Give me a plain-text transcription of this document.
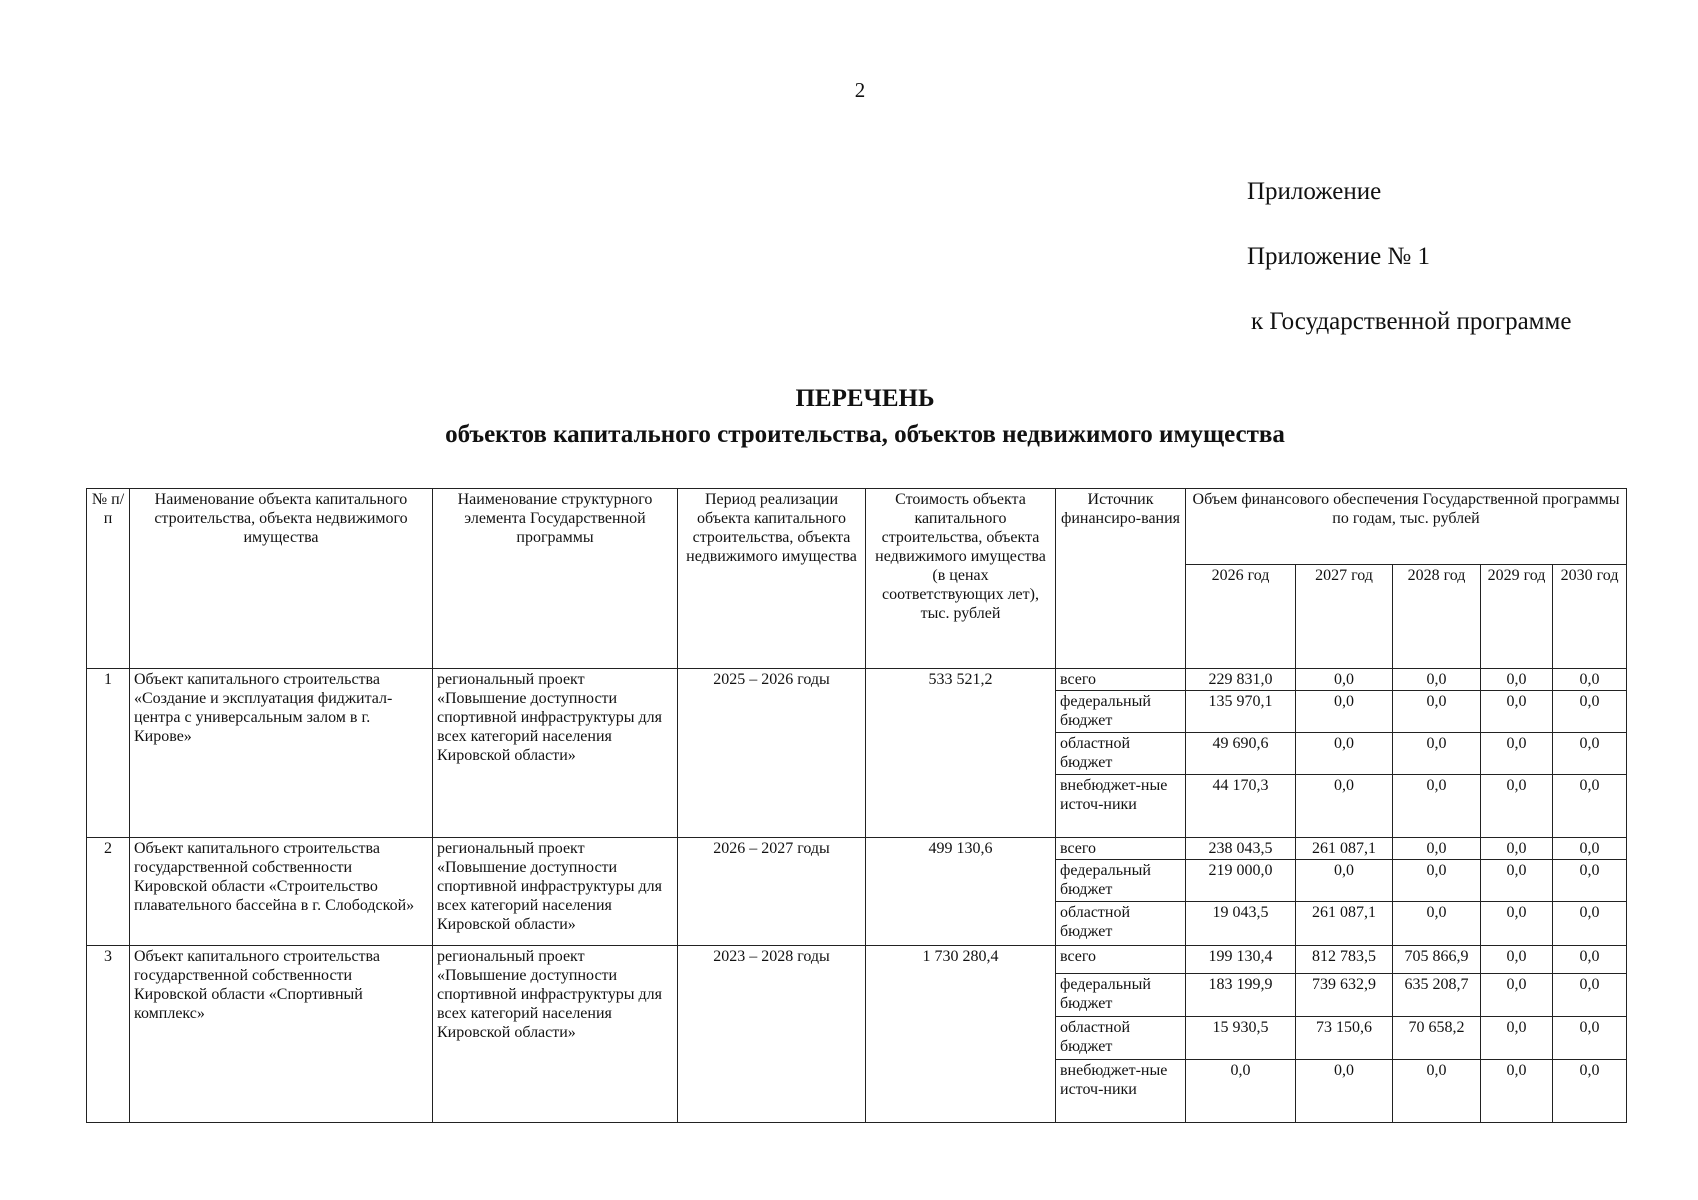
2
Приложение
Приложение № 1
к Государственной программе
ПЕРЕЧЕНЬ
объектов капитального строительства, объектов недвижимого имущества
№ п/п	Наименование объекта капитального строительства, объекта недвижимого имущества	Наименование структурного элемента Государственной программы	Период реализации объекта капитального строительства, объекта недвижимого имущества	Стоимость объекта капитального строительства, объекта недвижимого имущества (в ценах соответствующих лет), тыс. рублей	Источник финансиро-вания	Объем финансового обеспечения Государственной программы по годам, тыс. рублей				
						2026 год	2027 год	2028 год	2029 год	2030 год
1	Объект капитального строительства «Создание и эксплуатация фиджитал-центра с универсальным залом в г. Кирове»	региональный проект «Повышение доступности спортивной инфраструктуры для всех категорий населения Кировской области»	2025 – 2026 годы	533 521,2	всего	229 831,0	0,0	0,0	0,0	0,0
					федеральный бюджет	135 970,1	0,0	0,0	0,0	0,0
					областной бюджет	49 690,6	0,0	0,0	0,0	0,0
					внебюджет-ные источ-ники	44 170,3	0,0	0,0	0,0	0,0
2	Объект капитального строительства государственной собственности Кировской области «Строительство плавательного бассейна в г. Слободской»	региональный проект «Повышение доступности спортивной инфраструктуры для всех категорий населения Кировской области»	2026 – 2027 годы	499 130,6	всего	238 043,5	261 087,1	0,0	0,0	0,0
					федеральный бюджет	219 000,0	0,0	0,0	0,0	0,0
					областной бюджет	19 043,5	261 087,1	0,0	0,0	0,0
3	Объект капитального строительства государственной собственности Кировской области «Спортивный комплекс»	региональный проект «Повышение доступности спортивной инфраструктуры для всех категорий населения Кировской области»	2023 – 2028 годы	1 730 280,4	всего	199 130,4	812 783,5	705 866,9	0,0	0,0
					федеральный бюджет	183 199,9	739 632,9	635 208,7	0,0	0,0
					областной бюджет	15 930,5	73 150,6	70 658,2	0,0	0,0
					внебюджет-ные источ-ники	0,0	0,0	0,0	0,0	0,0
